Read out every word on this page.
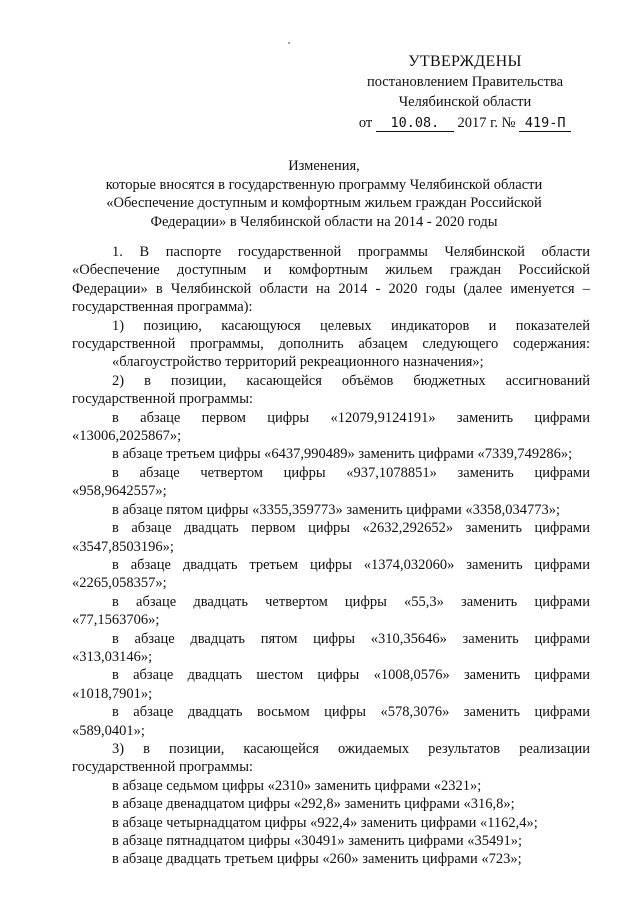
УТВЕРЖДЕНЫ
постановлением Правительства
Челябинской области
от 10.08. 2017 г. № 419-П
Изменения,
которые вносятся в государственную программу Челябинской области
«Обеспечение доступным и комфортным жильем граждан Российской
Федерации» в Челябинской области на 2014 - 2020 годы

1. В паспорте государственной программы Челябинской области

«Обеспечение доступным и комфортным жильем граждан Российской

Федерации» в Челябинской области на 2014 - 2020 годы (далее именуется –

государственная программа):

1) позицию, касающуюся целевых индикаторов и показателей

государственной программы, дополнить абзацем следующего содержания:

«благоустройство территорий рекреационного назначения»;

2) в позиции, касающейся объёмов бюджетных ассигнований

государственной программы:

в абзаце первом цифры «12079,9124191» заменить цифрами

«13006,2025867»;

в абзаце третьем цифры «6437,990489» заменить цифрами «7339,749286»;

в абзаце четвертом цифры «937,1078851» заменить цифрами

«958,9642557»;

в абзаце пятом цифры «3355,359773» заменить цифрами «3358,034773»;

в абзаце двадцать первом цифры «2632,292652» заменить цифрами

«3547,8503196»;

в абзаце двадцать третьем цифры «1374,032060» заменить цифрами

«2265,058357»;

в абзаце двадцать четвертом цифры «55,3» заменить цифрами

«77,1563706»;

в абзаце двадцать пятом цифры «310,35646» заменить цифрами

«313,03146»;

в абзаце двадцать шестом цифры «1008,0576» заменить цифрами

«1018,7901»;

в абзаце двадцать восьмом цифры «578,3076» заменить цифрами

«589,0401»;

3) в позиции, касающейся ожидаемых результатов реализации

государственной программы:

в абзаце седьмом цифры «2310» заменить цифрами «2321»;

в абзаце двенадцатом цифры «292,8» заменить цифрами «316,8»;

в абзаце четырнадцатом цифры «922,4» заменить цифрами «1162,4»;

в абзаце пятнадцатом цифры «30491» заменить цифрами «35491»;

в абзаце двадцать третьем цифры «260» заменить цифрами «723»;
